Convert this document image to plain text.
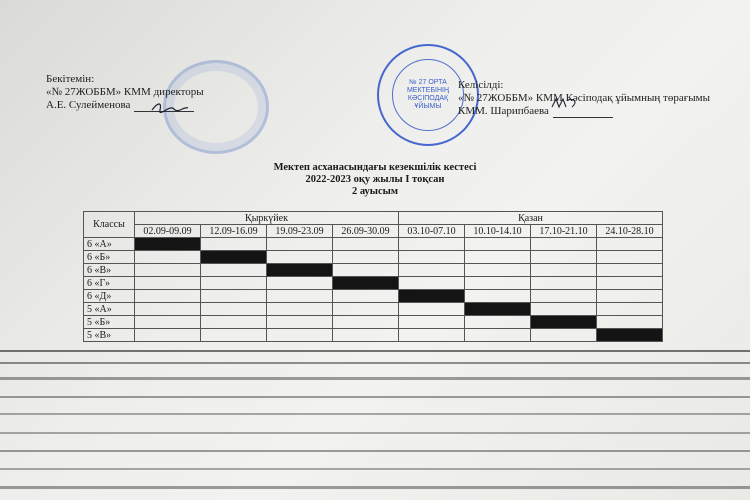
Бекітемін:
«№ 27ЖОББМ» КММ директоры
А.Е. Сулейменова
№ 27 ОРТА
МЕКТЕБІНІҢ
КӘСІПОДАҚ
ҰЙЫМЫ
Келісілді:
«№ 27ЖОББМ» КММ Кәсіподақ ұйымның төрағымы
КММ. Шарипбаева
Мектеп асханасындағы кезекшілік кестесі
2022-2023 оқу жылы I тоқсан
2 ауысым
Классы	Қыркүйек				Қазан			
	02.09-09.09	12.09-16.09	19.09-23.09	26.09-30.09	03.10-07.10	10.10-14.10	17.10-21.10	24.10-28.10
6 «А»								
6 «Б»								
6 «В»								
6 «Г»								
6 «Д»								
5 «А»								
5 «Б»								
5 «В»								
